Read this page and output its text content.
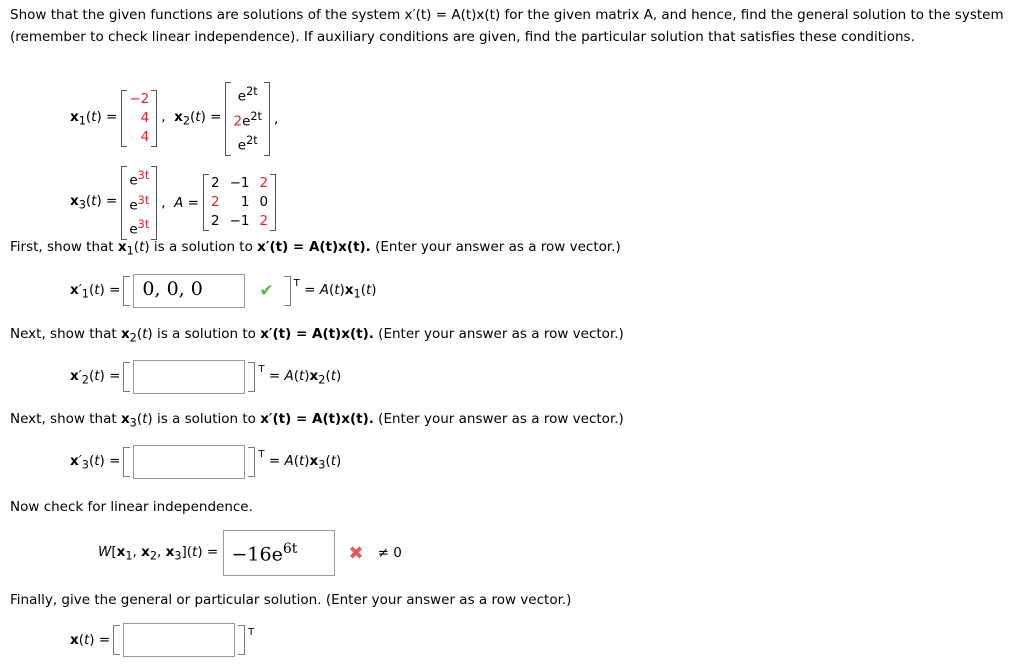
Show that the given functions are solutions of the system x′(t) = A(t)x(t) for the given matrix A, and hence, find the general solution to the system (remember to check linear independence). If auxiliary conditions are given, find the particular solution that satisfies these conditions.
$x_1(t)$ =
−2
4
4
,  $x_2(t)$ =
$e^{2t}$
$2e^{2t}$
$e^{2t}$
,
$x_3(t)$ =
$e^{3t}$
$e^{3t}$
$e^{3t}$
,  A =
2 −1 2
2 1 0
2 −1 2
First, show that $x_1(t)$ is a solution to x′(t) = A(t)x(t). (Enter your answer as a row vector.)
$x'_1(t)$ =	0, 0, 0	✔ $T = A(t)x_1(t)$
Next, show that $x_2(t)$ is a solution to x′(t) = A(t)x(t). (Enter your answer as a row vector.)
$x'_2(t)$ =	$T = A(t)x_2(t)$
Next, show that $x_3(t)$ is a solution to x′(t) = A(t)x(t). (Enter your answer as a row vector.)
$x'_3(t)$ =	$T = A(t)x_3(t)$
Now check for linear independence.
$W[x_1$, $x_2$, $x_3](t) = -16e^{6t}$	✖ ≠ 0
Finally, give the general or particular solution. (Enter your answer as a row vector.)
x(t) =	T
